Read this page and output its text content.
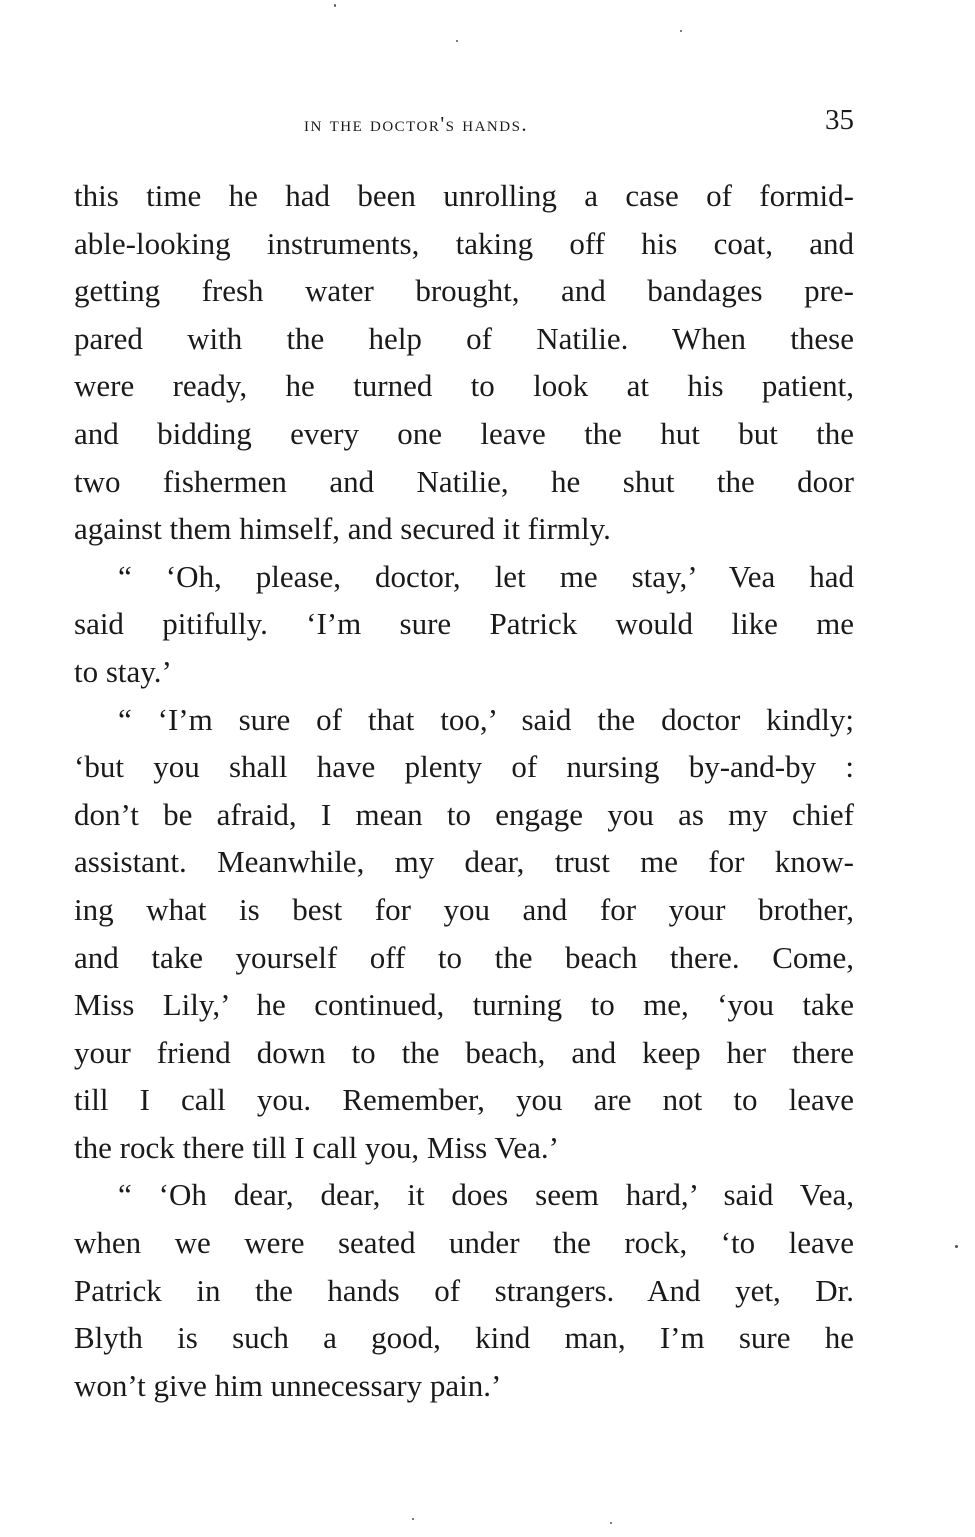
in the doctor's hands.	35
this time he had been unrolling a case of formid-
able-looking instruments, taking off his coat, and
getting fresh water brought, and bandages pre-
pared with the help of Natilie. When these
were ready, he turned to look at his patient,
and bidding every one leave the hut but the
two fishermen and Natilie, he shut the door
against them himself, and secured it firmly.
“ ‘Oh, please, doctor, let me stay,’ Vea had
said pitifully. ‘I’m sure Patrick would like me
to stay.’
“ ‘I’m sure of that too,’ said the doctor kindly;
‘but you shall have plenty of nursing by-and-by :
don’t be afraid, I mean to engage you as my chief
assistant. Meanwhile, my dear, trust me for know-
ing what is best for you and for your brother,
and take yourself off to the beach there. Come,
Miss Lily,’ he continued, turning to me, ‘you take
your friend down to the beach, and keep her there
till I call you. Remember, you are not to leave
the rock there till I call you, Miss Vea.’
“ ‘Oh dear, dear, it does seem hard,’ said Vea,
when we were seated under the rock, ‘to leave
Patrick in the hands of strangers. And yet, Dr.
Blyth is such a good, kind man, I’m sure he
won’t give him unnecessary pain.’
